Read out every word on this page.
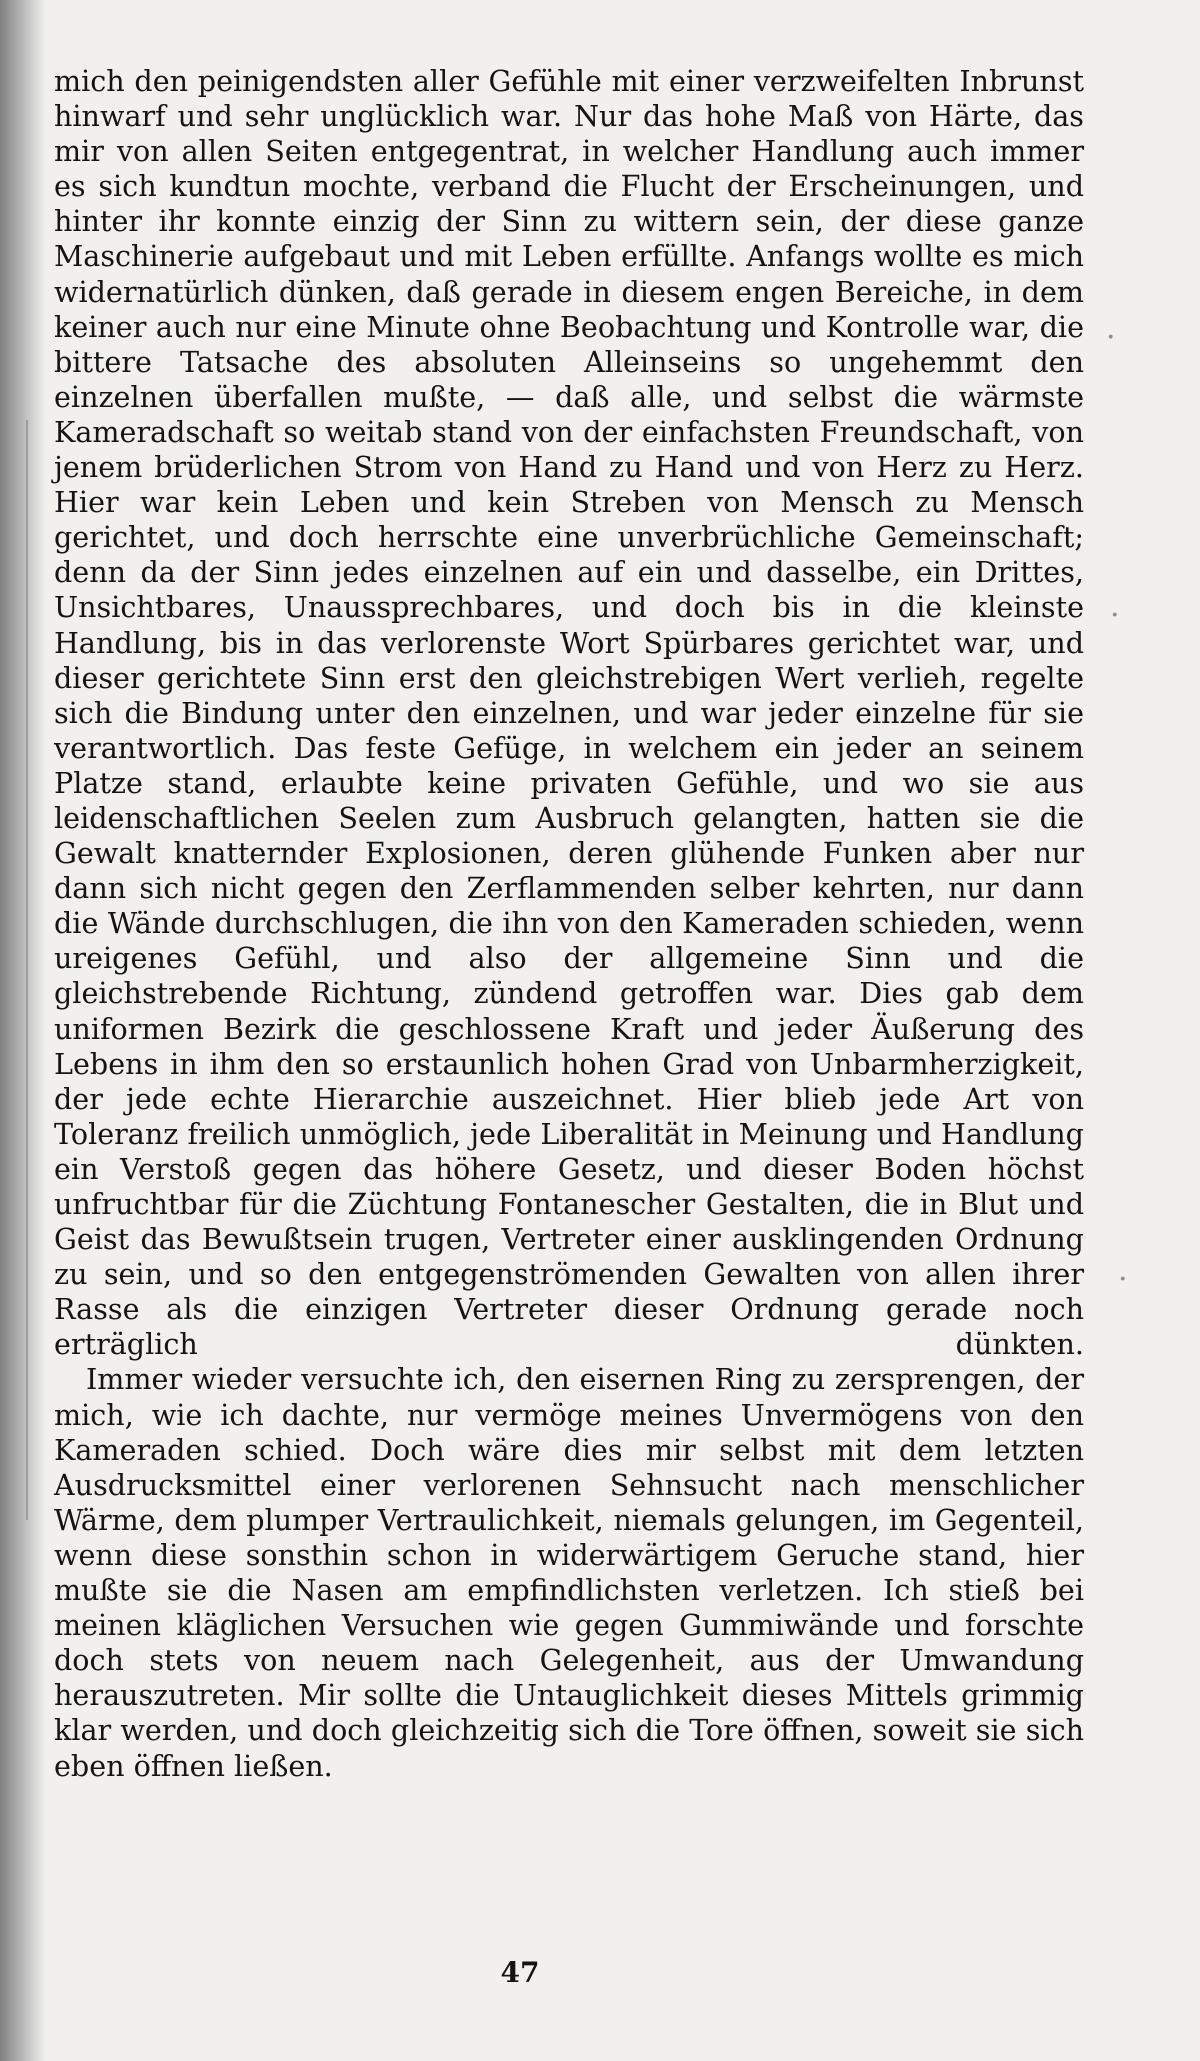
·
·
·

mich den peinigendsten aller Gefühle mit einer verzweifelten Inbrunst hinwarf und sehr unglücklich war. Nur das hohe Maß von Härte, das mir von allen Seiten entgegentrat, in welcher Handlung auch immer es sich kundtun mochte, verband die Flucht der Erscheinungen, und hinter ihr konnte einzig der Sinn zu wittern sein, der diese ganze Maschinerie aufgebaut und mit Leben erfüllte. Anfangs wollte es mich widernatürlich dünken, daß gerade in diesem engen Bereiche, in dem keiner auch nur eine Minute ohne Beobachtung und Kontrolle war, die bittere Tatsache des absoluten Alleinseins so ungehemmt den einzelnen überfallen mußte, — daß alle, und selbst die wärmste Kameradschaft so weitab stand von der einfachsten Freundschaft, von jenem brüderlichen Strom von Hand zu Hand und von Herz zu Herz. Hier war kein Leben und kein Streben von Mensch zu Mensch gerichtet, und doch herrschte eine unverbrüchliche Gemeinschaft; denn da der Sinn jedes einzelnen auf ein und dasselbe, ein Drittes, Unsichtbares, Unaussprechbares, und doch bis in die kleinste Handlung, bis in das verlorenste Wort Spürbares gerichtet war, und dieser gerichtete Sinn erst den gleichstrebigen Wert verlieh, regelte sich die Bindung unter den einzelnen, und war jeder einzelne für sie verantwortlich. Das feste Gefüge, in welchem ein jeder an seinem Platze stand, erlaubte keine privaten Gefühle, und wo sie aus leidenschaftlichen Seelen zum Ausbruch gelangten, hatten sie die Gewalt knatternder Explosionen, deren glühende Funken aber nur dann sich nicht gegen den Zerflammenden selber kehrten, nur dann die Wände durchschlugen, die ihn von den Kameraden schieden, wenn ureigenes Gefühl, und also der allgemeine Sinn und die gleichstrebende Richtung, zündend getroffen war. Dies gab dem uniformen Bezirk die geschlossene Kraft und jeder Äußerung des Lebens in ihm den so erstaunlich hohen Grad von Unbarmherzigkeit, der jede echte Hierarchie auszeichnet. Hier blieb jede Art von Toleranz freilich unmöglich, jede Liberalität in Meinung und Handlung ein Verstoß gegen das höhere Gesetz, und dieser Boden höchst unfruchtbar für die Züchtung Fontanescher Gestalten, die in Blut und Geist das Bewußtsein trugen, Vertreter einer ausklingenden Ordnung zu sein, und so den entgegenströmenden Gewalten von allen ihrer Rasse als die einzigen Vertreter dieser Ordnung gerade noch erträglich dünkten.

Immer wieder versuchte ich, den eisernen Ring zu zersprengen, der mich, wie ich dachte, nur vermöge meines Unvermögens von den Kameraden schied. Doch wäre dies mir selbst mit dem letzten Ausdrucksmittel einer verlorenen Sehnsucht nach menschlicher Wärme, dem plumper Vertraulichkeit, niemals gelungen, im Gegenteil, wenn diese sonsthin schon in widerwärtigem Geruche stand, hier mußte sie die Nasen am empfindlichsten verletzen. Ich stieß bei meinen kläglichen Versuchen wie gegen Gummiwände und forschte doch stets von neuem nach Gelegenheit, aus der Umwandung herauszutreten. Mir sollte die Untauglichkeit dieses Mittels grimmig klar werden, und doch gleichzeitig sich die Tore öffnen, soweit sie sich eben öffnen ließen.

47
